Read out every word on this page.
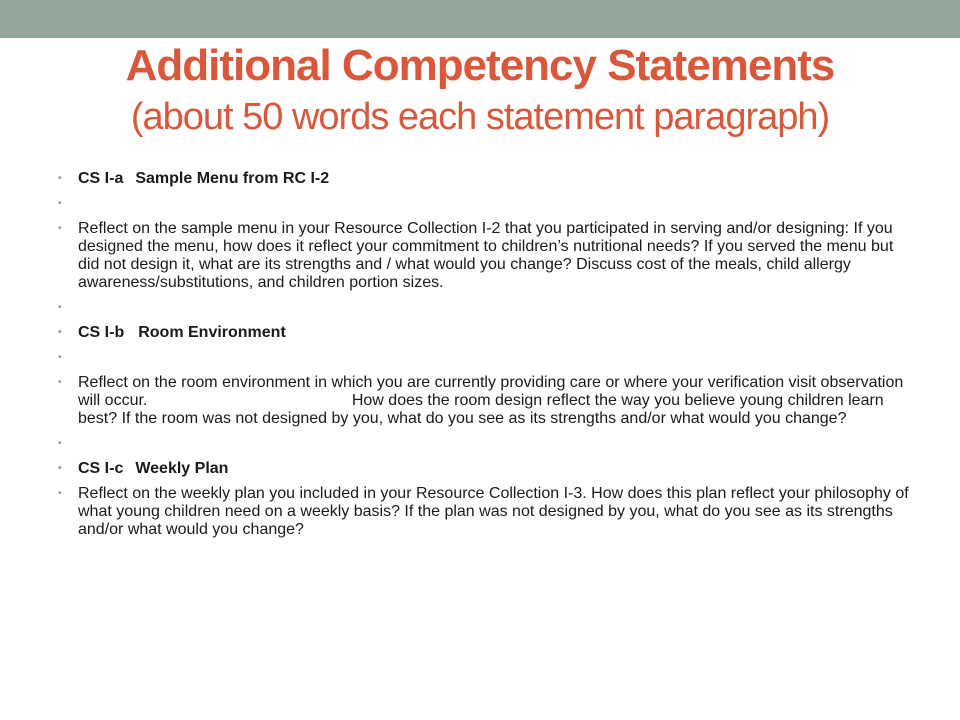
Additional Competency Statements
(about 50 words each statement paragraph)
• CS I-a Sample Menu from RC I-2
•
• Reflect on the sample menu in your Resource Collection I-2 that you participated in serving and/or designing: If you designed the menu, how does it reflect your commitment to children’s nutritional needs? If you served the menu but did not design it, what are its strengths and / what would you change? Discuss cost of the meals, child allergy awareness/substitutions, and children portion sizes.
•
• CS I-b Room Environment
•
• Reflect on the room environment in which you are currently providing care or where your verification visit observation will occur.                                              How does the room design reflect the way you believe young children learn best? If the room was not designed by you, what do you see as its strengths and/or what would you change?
•
• CS I-c Weekly Plan
• Reflect on the weekly plan you included in your Resource Collection I-3. How does this plan reflect your philosophy of what young children need on a weekly basis? If the plan was not designed by you, what do you see as its strengths and/or what would you change?
